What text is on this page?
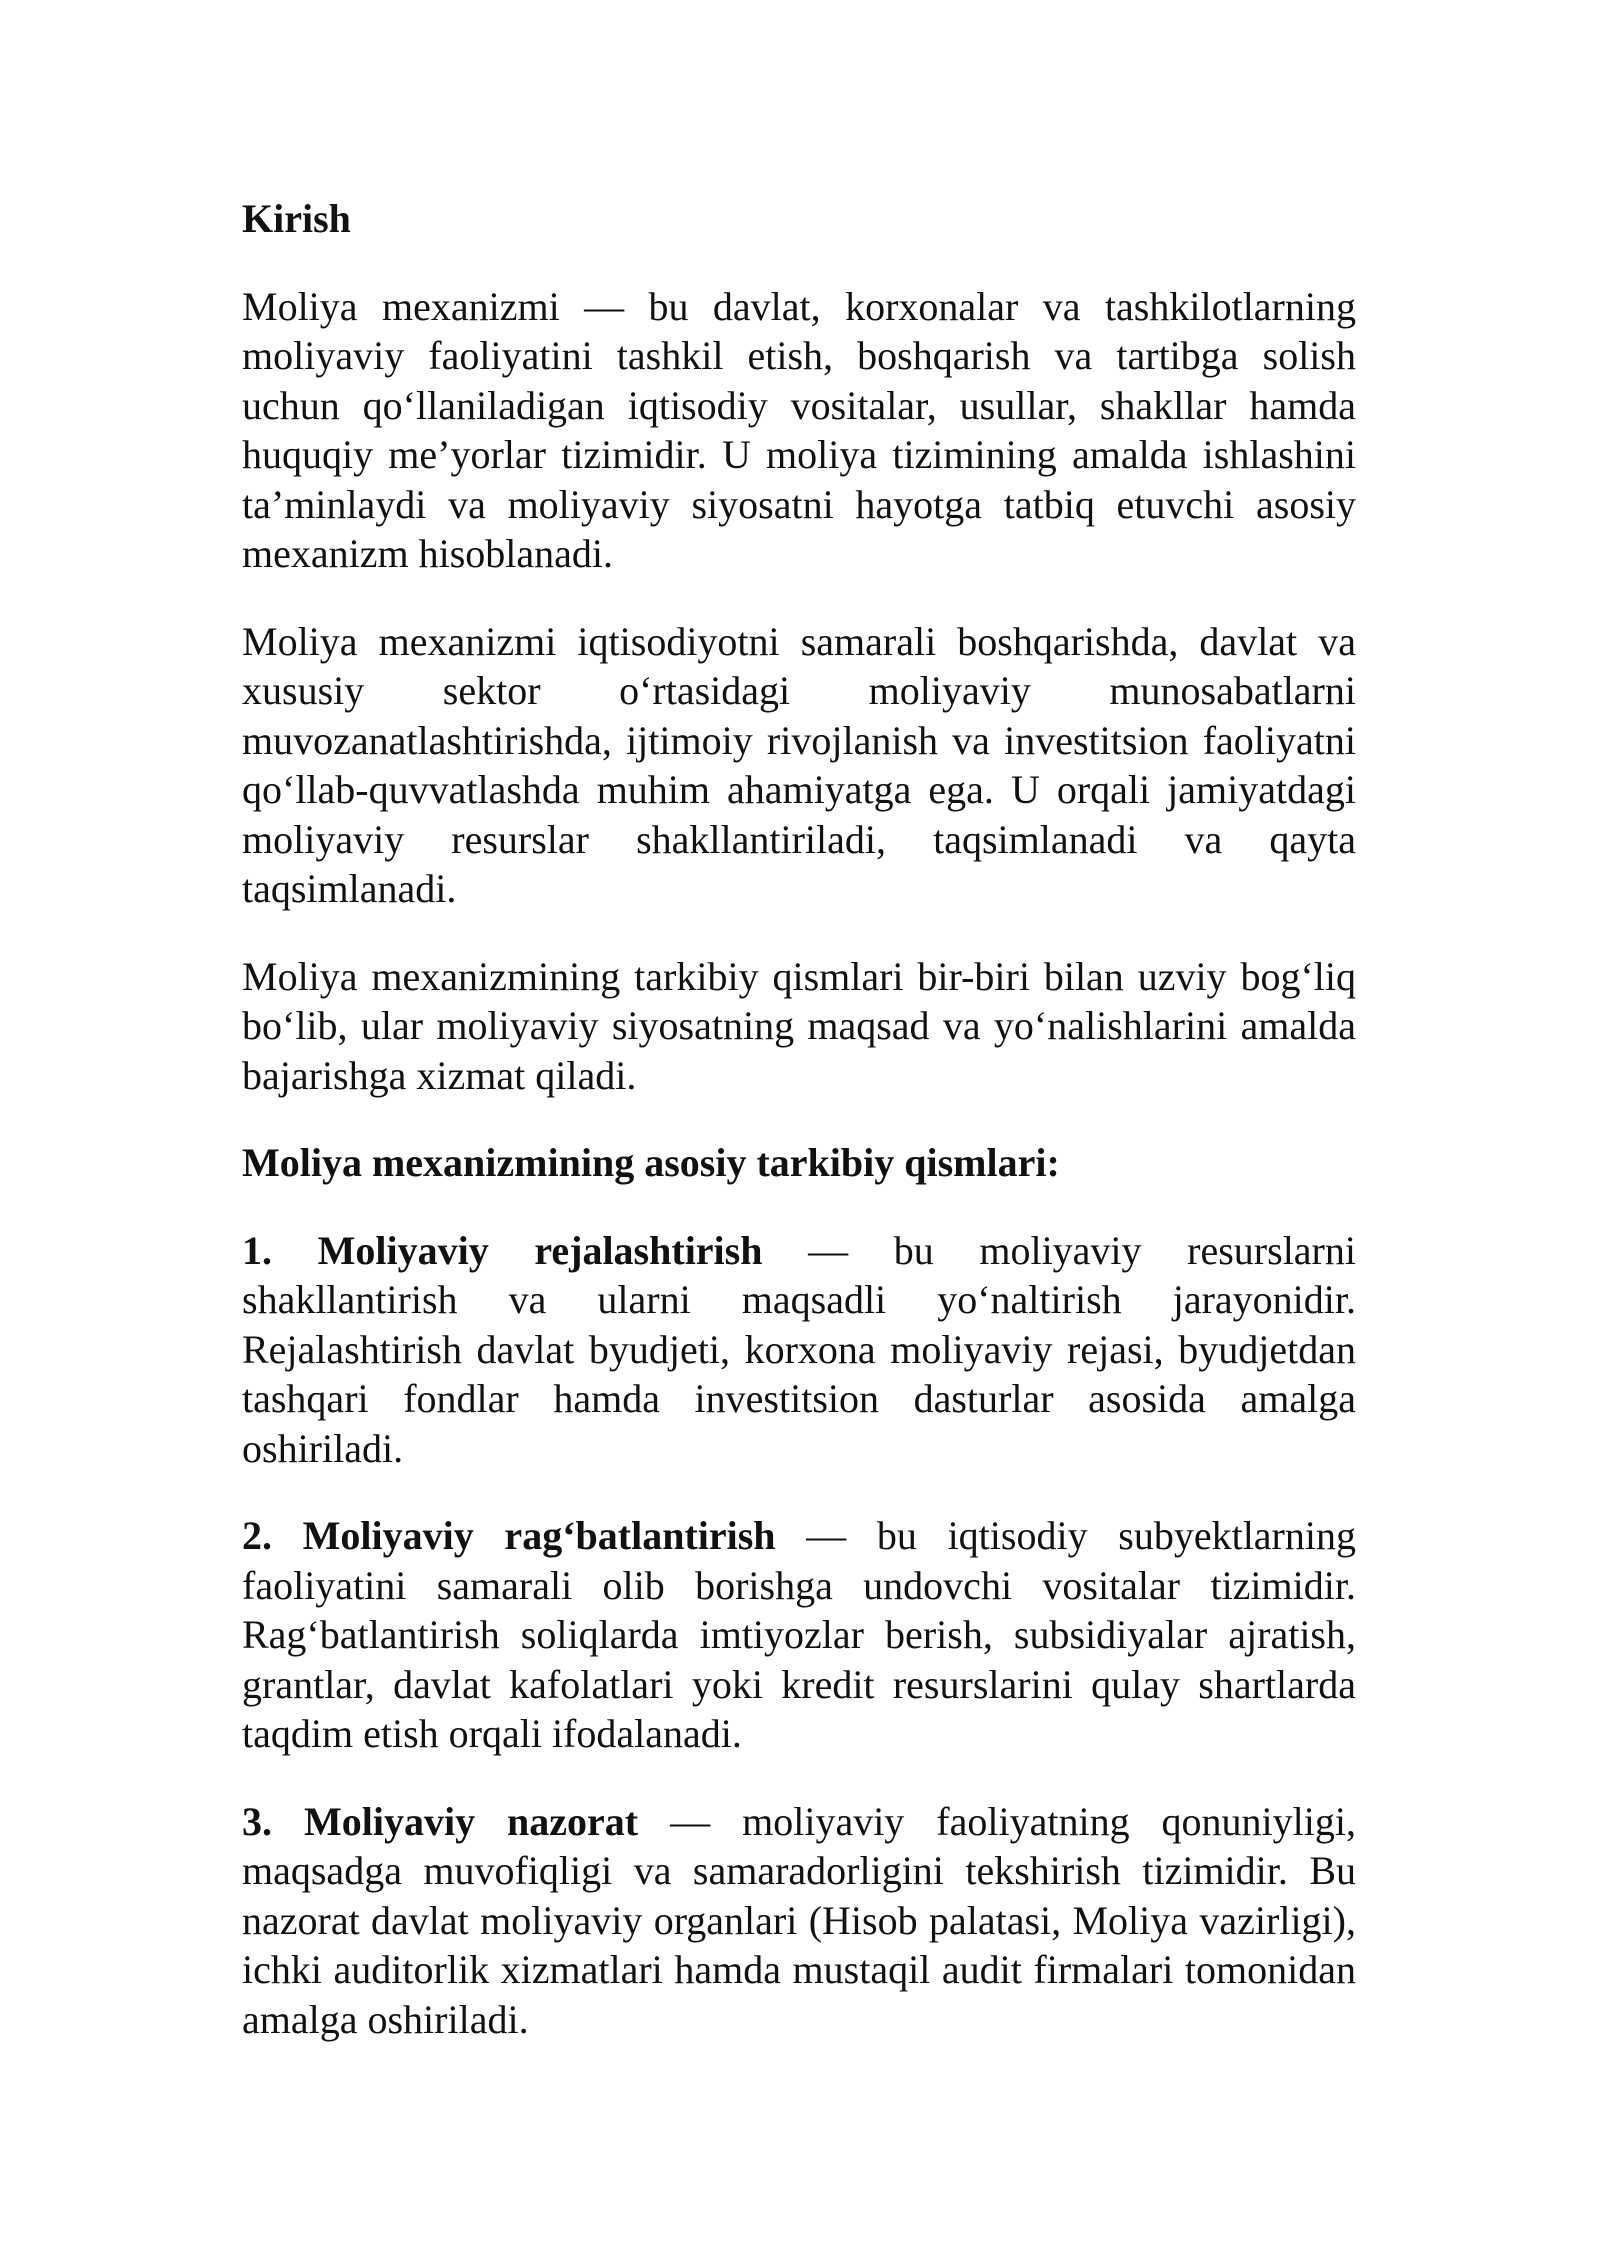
Kirish

Moliya mexanizmi — bu davlat, korxonalar va tashkilotlarning moliyaviy faoliyatini tashkil etish, boshqarish va tartibga solish uchun qo‘llaniladigan iqtisodiy vositalar, usullar, shakllar hamda huquqiy me’yorlar tizimidir. U moliya tizimining amalda ishlashini ta’minlaydi va moliyaviy siyosatni hayotga tatbiq etuvchi asosiy mexanizm hisoblanadi.

Moliya mexanizmi iqtisodiyotni samarali boshqarishda, davlat va xususiy sektor o‘rtasidagi moliyaviy munosabatlarni muvozanatlashtirishda, ijtimoiy rivojlanish va investitsion faoliyatni qo‘llab-quvvatlashda muhim ahamiyatga ega. U orqali jamiyatdagi moliyaviy resurslar shakllantiriladi, taqsimlanadi va qayta taqsimlanadi.

Moliya mexanizmining tarkibiy qismlari bir-biri bilan uzviy bog‘liq bo‘lib, ular moliyaviy siyosatning maqsad va yo‘nalishlarini amalda bajarishga xizmat qiladi.

Moliya mexanizmining asosiy tarkibiy qismlari:

1. Moliyaviy rejalashtirish — bu moliyaviy resurslarni shakllantirish va ularni maqsadli yo‘naltirish jarayonidir. Rejalashtirish davlat byudjeti, korxona moliyaviy rejasi, byudjetdan tashqari fondlar hamda investitsion dasturlar asosida amalga oshiriladi.

2. Moliyaviy rag‘batlantirish — bu iqtisodiy subyektlarning faoliyatini samarali olib borishga undovchi vositalar tizimidir. Rag‘batlantirish soliqlarda imtiyozlar berish, subsidiyalar ajratish, grantlar, davlat kafolatlari yoki kredit resurslarini qulay shartlarda taqdim etish orqali ifodalanadi.

3. Moliyaviy nazorat — moliyaviy faoliyatning qonuniyligi, maqsadga muvofiqligi va samaradorligini tekshirish tizimidir. Bu nazorat davlat moliyaviy organlari (Hisob palatasi, Moliya vazirligi), ichki auditorlik xizmatlari hamda mustaqil audit firmalari tomonidan amalga oshiriladi.
